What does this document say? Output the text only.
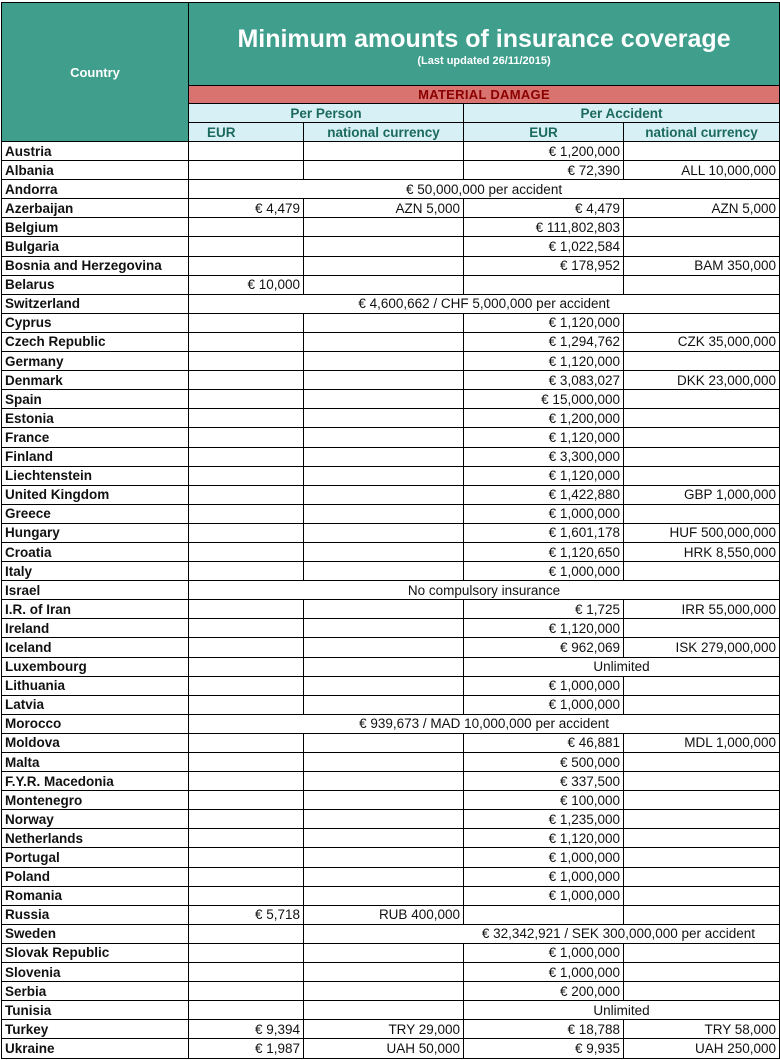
Country	Minimum amounts of insurance coverage
(Last updated 26/11/2015)			

	MATERIAL DAMAGE			
	Per Person		Per Accident	
	EUR	national currency	EUR	national currency
Austria			€ 1,200,000	
Albania			€ 72,390	ALL 10,000,000
Andorra	€ 50,000,000 per accident			
Azerbaijan	€ 4,479	AZN 5,000	€ 4,479	AZN 5,000
Belgium			€ 111,802,803	
Bulgaria			€ 1,022,584	
Bosnia and Herzegovina			€ 178,952	BAM 350,000
Belarus	€ 10,000			
Switzerland	€ 4,600,662 / CHF 5,000,000 per accident			
Cyprus			€ 1,120,000	
Czech Republic			€ 1,294,762	CZK 35,000,000
Germany			€ 1,120,000	
Denmark			€ 3,083,027	DKK 23,000,000
Spain			€ 15,000,000	
Estonia			€ 1,200,000	
France			€ 1,120,000	
Finland			€ 3,300,000	
Liechtenstein			€ 1,120,000	
United Kingdom			€ 1,422,880	GBP 1,000,000
Greece			€ 1,000,000	
Hungary			€ 1,601,178	HUF 500,000,000
Croatia			€ 1,120,650	HRK 8,550,000
Italy			€ 1,000,000	
Israel	No compulsory insurance			
I.R. of Iran			€ 1,725	IRR 55,000,000
Ireland			€ 1,120,000	
Iceland			€ 962,069	ISK 279,000,000
Luxembourg			Unlimited	
Lithuania			€ 1,000,000	
Latvia			€ 1,000,000	
Morocco	€ 939,673 / MAD 10,000,000 per accident			
Moldova			€ 46,881	MDL 1,000,000
Malta			€ 500,000	
F.Y.R. Macedonia			€ 337,500	
Montenegro			€ 100,000	
Norway			€ 1,235,000	
Netherlands			€ 1,120,000	
Portugal			€ 1,000,000	
Poland			€ 1,000,000	
Romania			€ 1,000,000	
Russia	€ 5,718	RUB 400,000		
Sweden		€ 32,342,921 / SEK 300,000,000 per accident		
Slovak Republic			€ 1,000,000	
Slovenia			€ 1,000,000	
Serbia			€ 200,000	
Tunisia			Unlimited	
Turkey	€ 9,394	TRY 29,000	€ 18,788	TRY 58,000
Ukraine	€ 1,987	UAH 50,000	€ 9,935	UAH 250,000
